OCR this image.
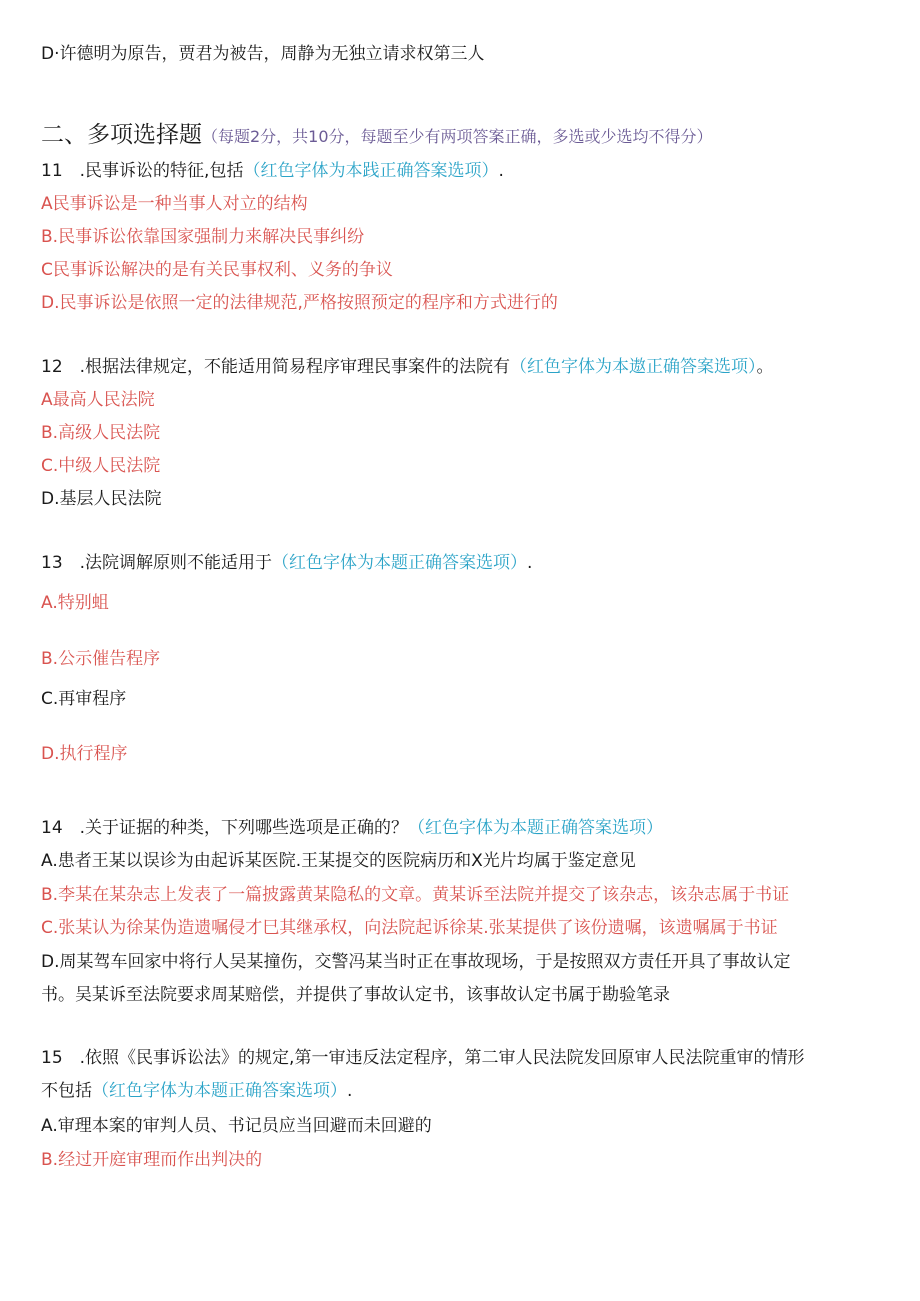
D·许德明为原告，贾君为被告，周静为无独立请求权第三人
二、多项选择题（每题2分，共10分，每题至少有两项答案正确，多选或少选均不得分）
11　.民事诉讼的特征,包括（红色字体为本践正确答案选项）.
A民事诉讼是一种当事人对立的结构
B.民事诉讼依靠国家强制力来解决民事纠纷
C民事诉讼解决的是有关民事权利、义务的争议
D.民事诉讼是依照一定的法律规范,严格按照预定的程序和方式进行的
12　.根据法律规定，不能适用简易程序审理民事案件的法院有（红色字体为本遨正确答案选项）。
A最高人民法院
B.高级人民法院
C.中级人民法院
D.基层人民法院
13　.法院调解原则不能适用于（红色字体为本题正确答案选项）.
A.特别蛆
B.公示催告程序
C.再审程序
D.执行程序
14　.关于证据的种类，下列哪些选项是正确的？（红色字体为本题正确答案选项）
A.患者王某以误诊为由起诉某医院.王某提交的医院病历和X光片均属于鉴定意见
B.李某在某杂志上发表了一篇披露黄某隐私的文章。黄某诉至法院并提交了该杂志，该杂志属于书证
C.张某认为徐某伪造遗嘱侵才巳其继承权，向法院起诉徐某.张某提供了该份遗嘱，该遗嘱属于书证
D.周某驾车回家中将行人吴某撞伤，交警冯某当时正在事故现场，于是按照双方责任开具了事故认定
书。吴某诉至法院要求周某赔偿，并提供了事故认定书，该事故认定书属于勘验笔录
15　.依照《民事诉讼法》的规定,第一审违反法定程序，第二审人民法院发回原审人民法院重审的情形
不包括（红色字体为本题正确答案选项）.
A.审理本案的审判人员、书记员应当回避而未回避的
B.经过开庭审理而作出判决的
